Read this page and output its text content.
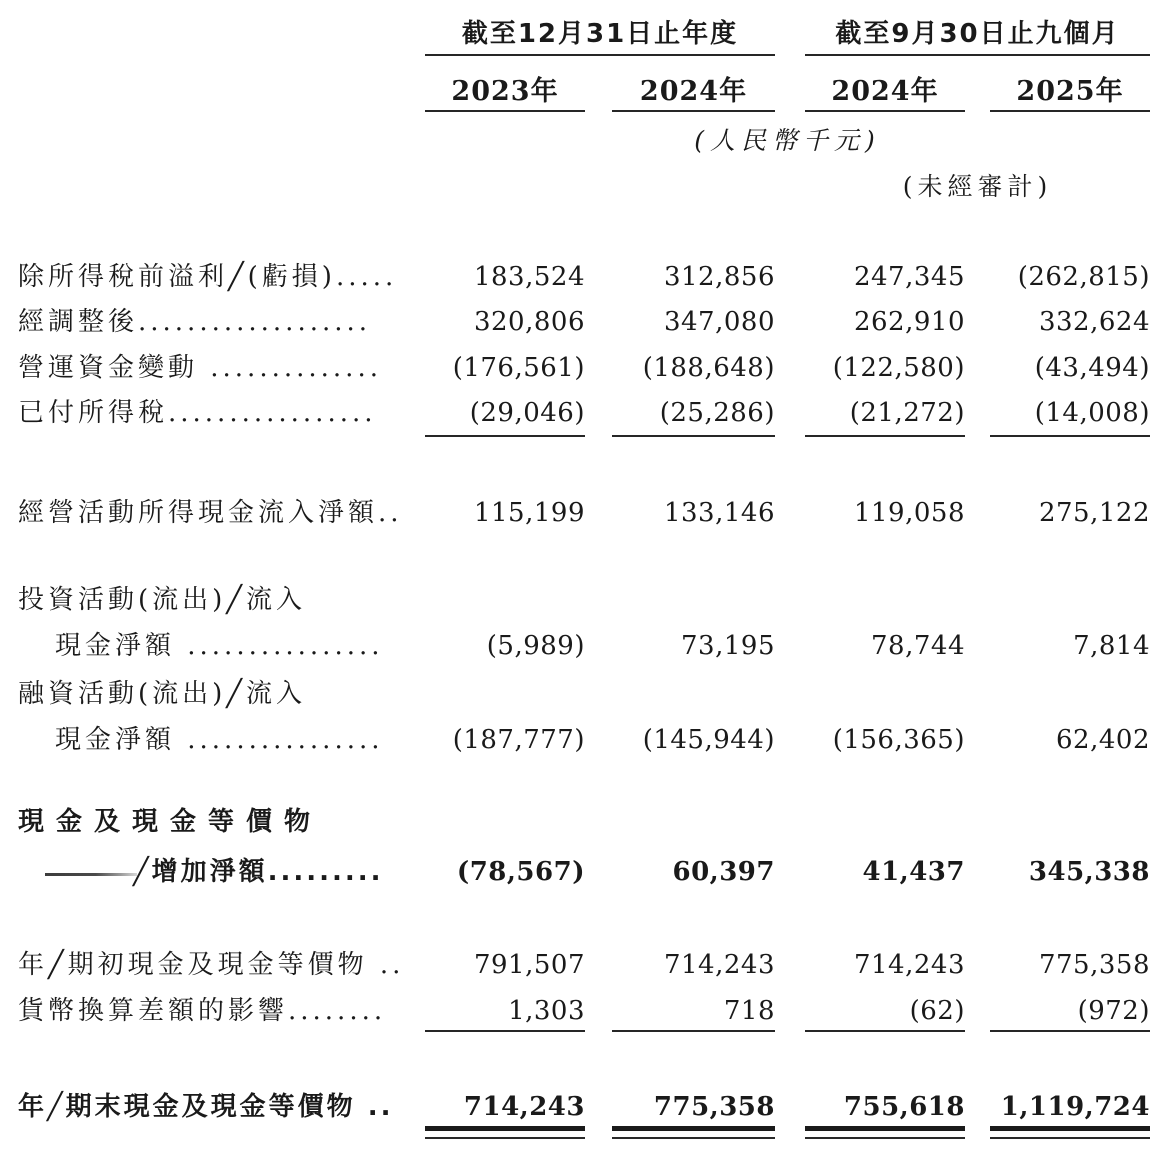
截至12月31日止年度	截至9月30日止九個月
2023年	2024年	2024年	2025年
(人民幣千元)
(未經審計)
除所得稅前溢利╱(虧損).....	183,524	312,856	247,345	(262,815)
經調整後...................	320,806	347,080	262,910	332,624
營運資金變動 ..............	(176,561)	(188,648)	(122,580)	(43,494)
已付所得稅.................	(29,046)	(25,286)	(21,272)	(14,008)
經營活動所得現金流入淨額..	115,199	133,146	119,058	275,122
投資活動(流出)╱流入
現金淨額 ................	(5,989)	73,195	78,744	7,814
融資活動(流出)╱流入
現金淨額 ................	(187,777)	(145,944)	(156,365)	62,402
現金及現金等價物
╱增加淨額.........	(78,567)	60,397	41,437	345,338
年╱期初現金及現金等價物 ..	791,507	714,243	714,243	775,358
貨幣換算差額的影響........	1,303	718	(62)	(972)
年╱期末現金及現金等價物 ..	714,243	775,358	755,618	1,119,724
